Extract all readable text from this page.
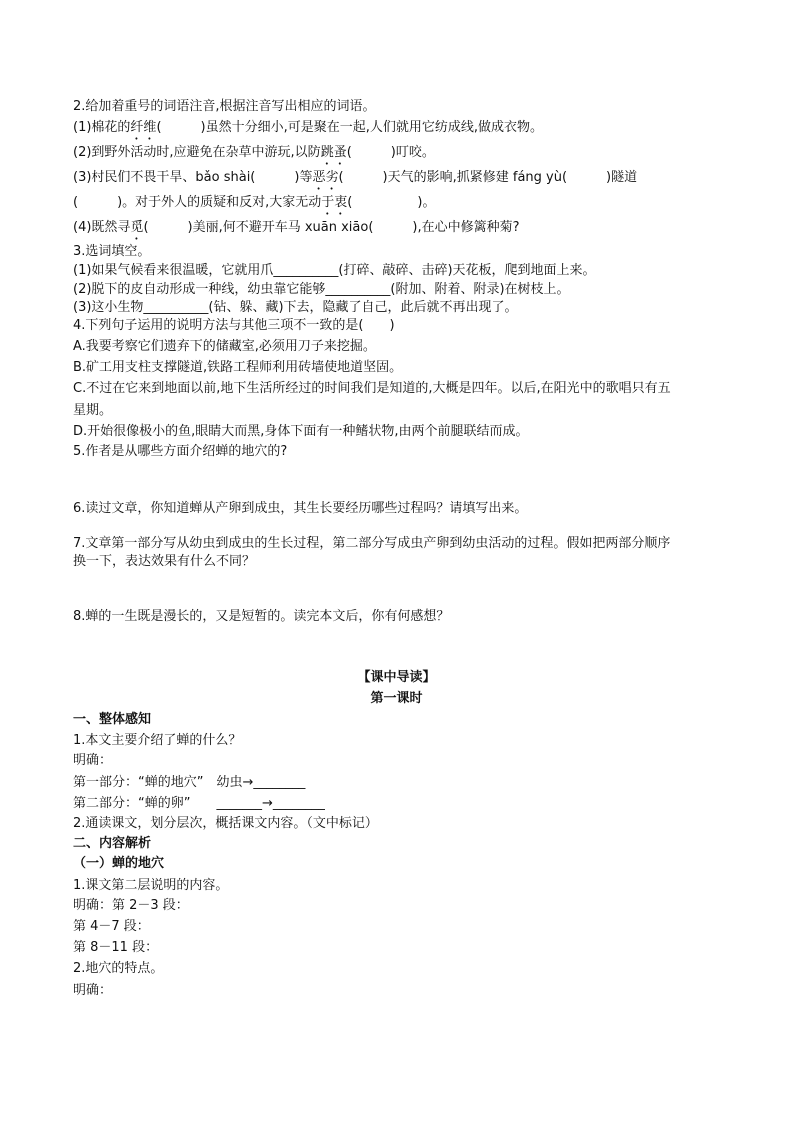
2.给加着重号的词语注音,根据注音写出相应的词语。
(1)棉花的纤维(　　　)虽然十分细小,可是聚在一起,人们就用它纺成线,做成衣物。
(2)到野外活动时,应避免在杂草中游玩,以防跳蚤(　　　)叮咬。
(3)村民们不畏干旱、bǎo shài(　　　)等恶劣(　　　)天气的影响,抓紧修建 fáng yù(　　　)隧道
(　　　)。对于外人的质疑和反对,大家无动于衷(　　　　　)。
(4)既然寻觅(　　　)美丽,何不避开车马 xuān xiāo(　　　),在心中修篱种菊?
3.选词填空。
(1)如果气候看来很温暖，它就用爪__________(打碎、敲碎、击碎)天花板，爬到地面上来。
(2)脱下的皮自动形成一种线，幼虫靠它能够__________(附加、附着、附录)在树枝上。
(3)这小生物__________(钻、躲、藏)下去，隐藏了自己，此后就不再出现了。
4.下列句子运用的说明方法与其他三项不一致的是(　　)
A.我要考察它们遗弃下的储藏室,必须用刀子来挖掘。
B.矿工用支柱支撑隧道,铁路工程师利用砖墙使地道坚固。
C.不过在它来到地面以前,地下生活所经过的时间我们是知道的,大概是四年。以后,在阳光中的歌唱只有五
星期。
D.开始很像极小的鱼,眼睛大而黑,身体下面有一种鳍状物,由两个前腿联结而成。
5.作者是从哪些方面介绍蝉的地穴的?
6.读过文章，你知道蝉从产卵到成虫，其生长要经历哪些过程吗？请填写出来。
7.文章第一部分写从幼虫到成虫的生长过程，第二部分写成虫产卵到幼虫活动的过程。假如把两部分顺序
换一下，表达效果有什么不同？
8.蝉的一生既是漫长的，又是短暂的。读完本文后，你有何感想？
【课中导读】
第一课时
一、整体感知
1.本文主要介绍了蝉的什么？
明确：
第一部分：“蝉的地穴”　幼虫→________
第二部分：“蝉的卵” _______→________
2.通读课文，划分层次，概括课文内容。（文中标记）
二、内容解析
（一）蝉的地穴
1.课文第二层说明的内容。
明确：第 2－3 段：
第 4－7 段：
第 8－11 段：
2.地穴的特点。
明确：
